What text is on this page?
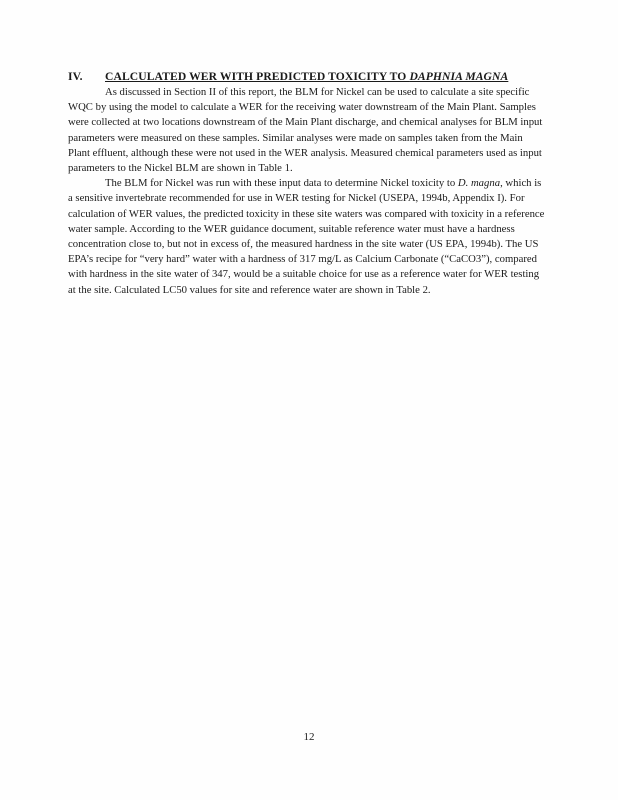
IV. CALCULATED WER WITH PREDICTED TOXICITY TO DAPHNIA MAGNA

As discussed in Section II of this report, the BLM for Nickel can be used to calculate a site specific WQC by using the model to calculate a WER for the receiving water downstream of the Main Plant. Samples were collected at two locations downstream of the Main Plant discharge, and chemical analyses for BLM input parameters were measured on these samples. Similar analyses were made on samples taken from the Main Plant effluent, although these were not used in the WER analysis. Measured chemical parameters used as input parameters to the Nickel BLM are shown in Table 1.

The BLM for Nickel was run with these input data to determine Nickel toxicity to D. magna, which is a sensitive invertebrate recommended for use in WER testing for Nickel (USEPA, 1994b, Appendix I). For calculation of WER values, the predicted toxicity in these site waters was compared with toxicity in a reference water sample. According to the WER guidance document, suitable reference water must have a hardness concentration close to, but not in excess of, the measured hardness in the site water (US EPA, 1994b). The US EPA’s recipe for “very hard” water with a hardness of 317 mg/L as Calcium Carbonate (“CaCO3”), compared with hardness in the site water of 347, would be a suitable choice for use as a reference water for WER testing at the site. Calculated LC50 values for site and reference water are shown in Table 2.

12
